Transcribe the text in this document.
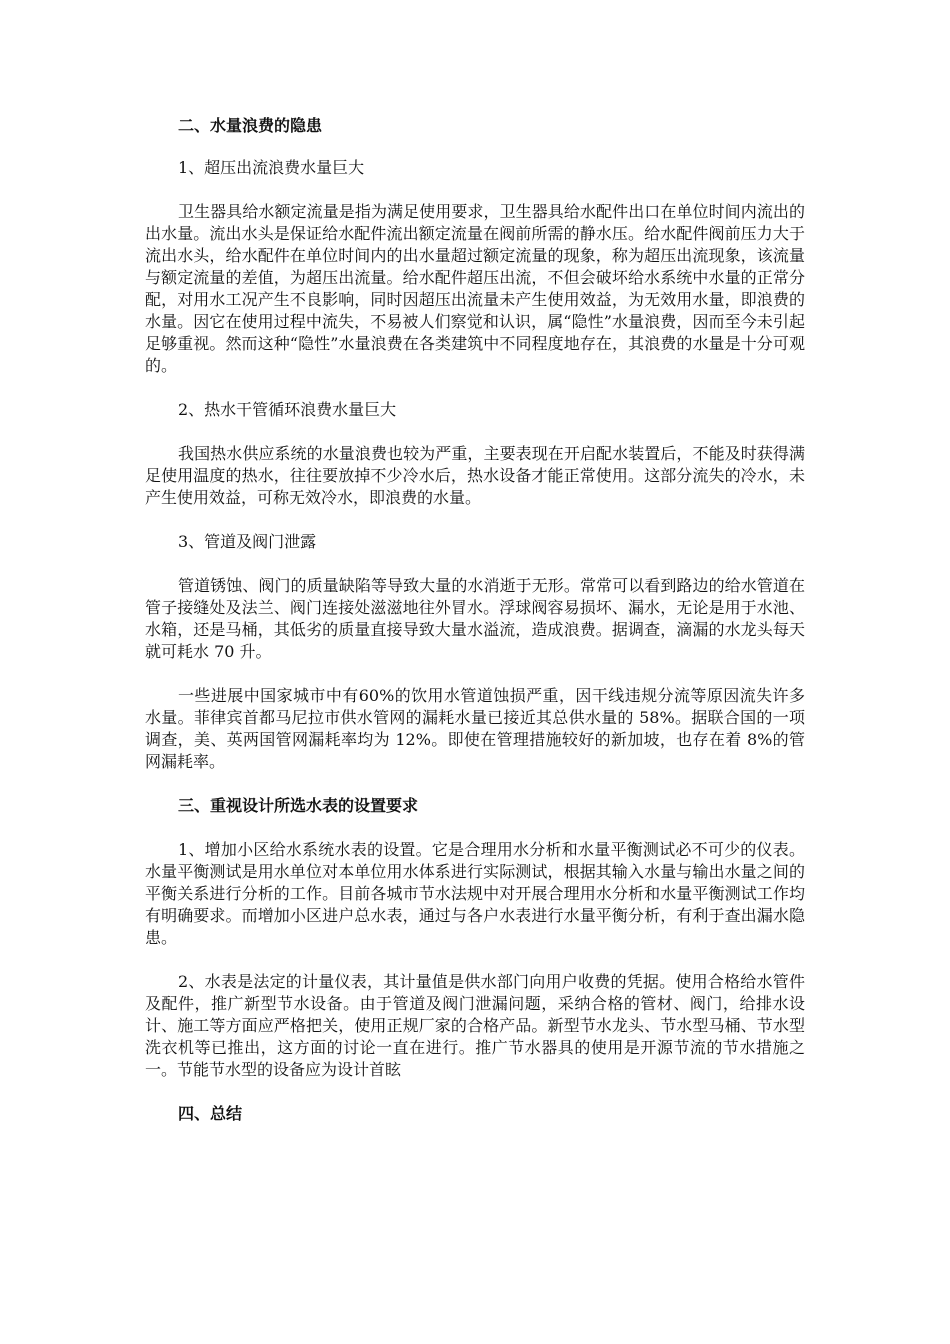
二、水量浪费的隐患

1、超压出流浪费水量巨大

卫生器具给水额定流量是指为满足使用要求，卫生器具给水配件出口在单位时间内流出的出水量。流出水头是保证给水配件流出额定流量在阀前所需的静水压。给水配件阀前压力大于流出水头，给水配件在单位时间内的出水量超过额定流量的现象，称为超压出流现象，该流量与额定流量的差值，为超压出流量。给水配件超压出流，不但会破坏给水系统中水量的正常分配，对用水工况产生不良影响，同时因超压出流量未产生使用效益，为无效用水量，即浪费的水量。因它在使用过程中流失，不易被人们察觉和认识，属“隐性”水量浪费，因而至今未引起足够重视。然而这种“隐性”水量浪费在各类建筑中不同程度地存在，其浪费的水量是十分可观的。

2、热水干管循环浪费水量巨大

我国热水供应系统的水量浪费也较为严重，主要表现在开启配水装置后，不能及时获得满足使用温度的热水，往往要放掉不少冷水后，热水设备才能正常使用。这部分流失的冷水，未产生使用效益，可称无效冷水，即浪费的水量。

3、管道及阀门泄露

管道锈蚀、阀门的质量缺陷等导致大量的水消逝于无形。常常可以看到路边的给水管道在管子接缝处及法兰、阀门连接处滋滋地往外冒水。浮球阀容易损坏、漏水，无论是用于水池、水箱，还是马桶，其低劣的质量直接导致大量水溢流，造成浪费。据调查，滴漏的水龙头每天就可耗水 70 升。

一些进展中国家城市中有60%的饮用水管道蚀损严重，因干线违规分流等原因流失许多水量。菲律宾首都马尼拉市供水管网的漏耗水量已接近其总供水量的 58%。据联合国的一项调查，美、英两国管网漏耗率均为 12%。即使在管理措施较好的新加坡，也存在着 8%的管网漏耗率。

三、重视设计所选水表的设置要求

1、增加小区给水系统水表的设置。它是合理用水分析和水量平衡测试必不可少的仪表。水量平衡测试是用水单位对本单位用水体系进行实际测试，根据其输入水量与输出水量之间的平衡关系进行分析的工作。目前各城市节水法规中对开展合理用水分析和水量平衡测试工作均有明确要求。而增加小区进户总水表，通过与各户水表进行水量平衡分析，有利于查出漏水隐患。

2、水表是法定的计量仪表，其计量值是供水部门向用户收费的凭据。使用合格给水管件及配件，推广新型节水设备。由于管道及阀门泄漏问题，采纳合格的管材、阀门，给排水设计、施工等方面应严格把关，使用正规厂家的合格产品。新型节水龙头、节水型马桶、节水型洗衣机等已推出，这方面的讨论一直在进行。推广节水器具的使用是开源节流的节水措施之一。节能节水型的设备应为设计首眩

四、总结
